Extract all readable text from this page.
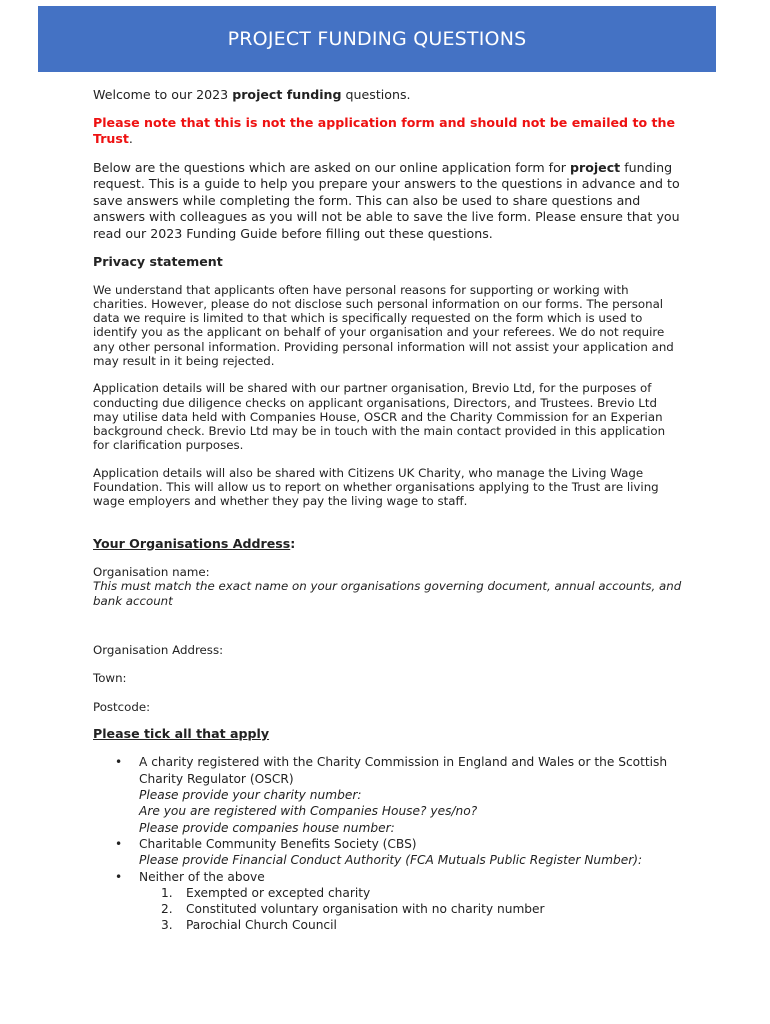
PROJECT FUNDING QUESTIONS

Welcome to our 2023 project funding questions.

Please note that this is not the application form and should not be emailed to the Trust.

Below are the questions which are asked on our online application form for project funding request. This is a guide to help you prepare your answers to the questions in advance and to save answers while completing the form. This can also be used to share questions and answers with colleagues as you will not be able to save the live form. Please ensure that you read our 2023 Funding Guide before filling out these questions.

Privacy statement

We understand that applicants often have personal reasons for supporting or working with charities. However, please do not disclose such personal information on our forms. The personal data we require is limited to that which is specifically requested on the form which is used to identify you as the applicant on behalf of your organisation and your referees. We do not require any other personal information. Providing personal information will not assist your application and may result in it being rejected.

Application details will be shared with our partner organisation, Brevio Ltd, for the purposes of conducting due diligence checks on applicant organisations, Directors, and Trustees. Brevio Ltd may utilise data held with Companies House, OSCR and the Charity Commission for an Experian background check. Brevio Ltd may be in touch with the main contact provided in this application for clarification purposes.

Application details will also be shared with Citizens UK Charity, who manage the Living Wage Foundation. This will allow us to report on whether organisations applying to the Trust are living wage employers and whether they pay the living wage to staff.

Your Organisations Address:

Organisation name:

This must match the exact name on your organisations governing document, annual accounts, and bank account

Organisation Address:

Town:

Postcode:

Please tick all that apply

• A charity registered with the Charity Commission in England and Wales or the Scottish Charity Regulator (OSCR)
Please provide your charity number:
Are you are registered with Companies House? yes/no?
Please provide companies house number:
• Charitable Community Benefits Society (CBS)
Please provide Financial Conduct Authority (FCA Mutuals Public Register Number):
• Neither of the above
1. Exempted or excepted charity
2. Constituted voluntary organisation with no charity number
3. Parochial Church Council
